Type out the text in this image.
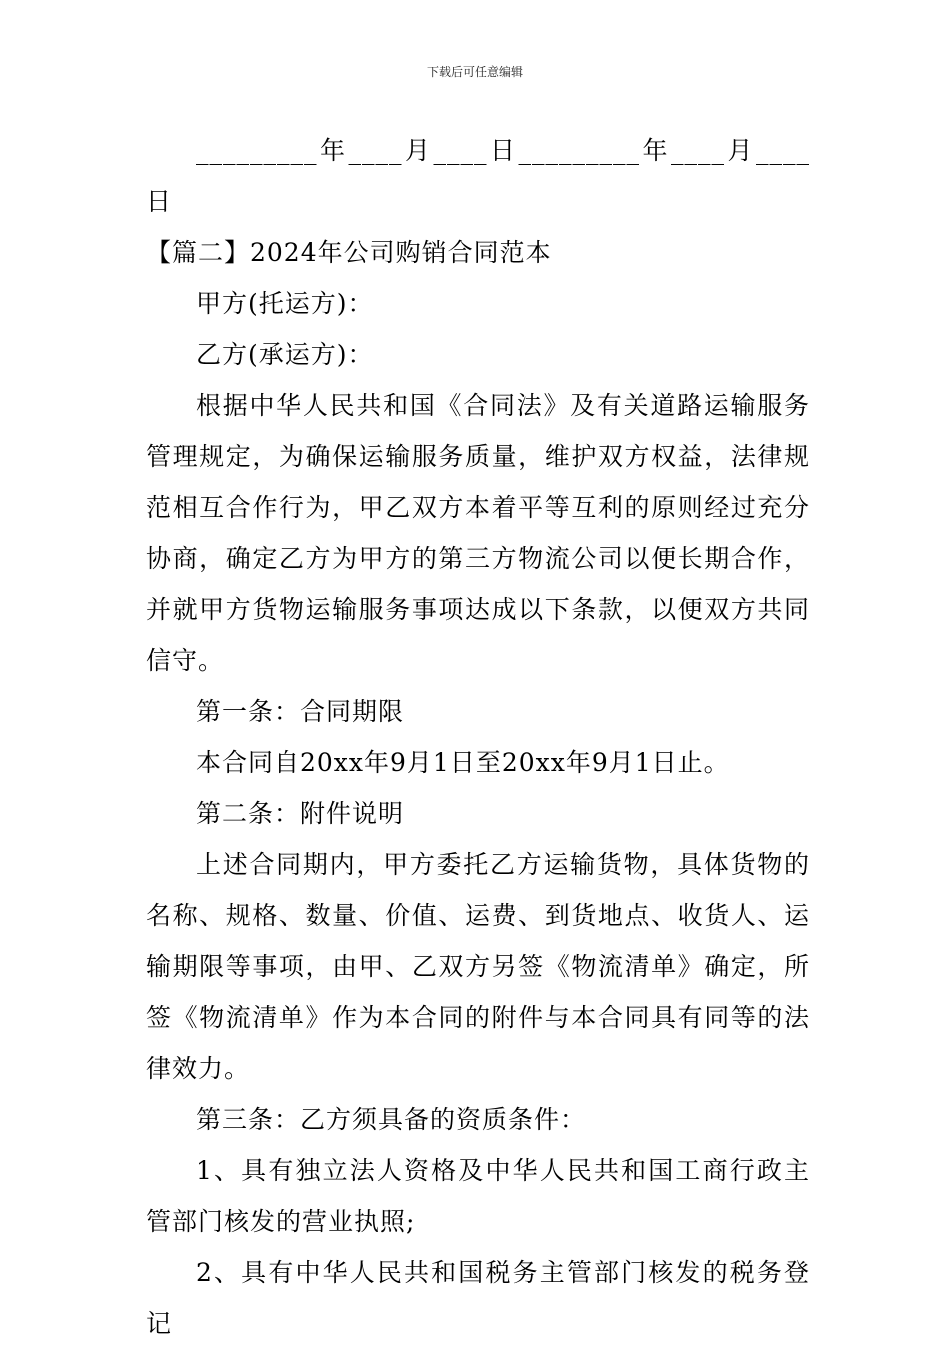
下载后可任意编辑

_________年____月____日_________年____月____日

【篇二】2024年公司购销合同范本

甲方(托运方)：

乙方(承运方)：

根据中华人民共和国《合同法》及有关道路运输服务管理规定，为确保运输服务质量，维护双方权益，法律规范相互合作行为，甲乙双方本着平等互利的原则经过充分协商，确定乙方为甲方的第三方物流公司以便长期合作，并就甲方货物运输服务事项达成以下条款，以便双方共同信守。

第一条：合同期限

本合同自20xx年9月1日至20xx年9月1日止。

第二条：附件说明

上述合同期内，甲方委托乙方运输货物，具体货物的名称、规格、数量、价值、运费、到货地点、收货人、运输期限等事项，由甲、乙双方另签《物流清单》确定，所签《物流清单》作为本合同的附件与本合同具有同等的法律效力。

第三条：乙方须具备的资质条件：

1、具有独立法人资格及中华人民共和国工商行政主管部门核发的营业执照;

2、具有中华人民共和国税务主管部门核发的税务登记
